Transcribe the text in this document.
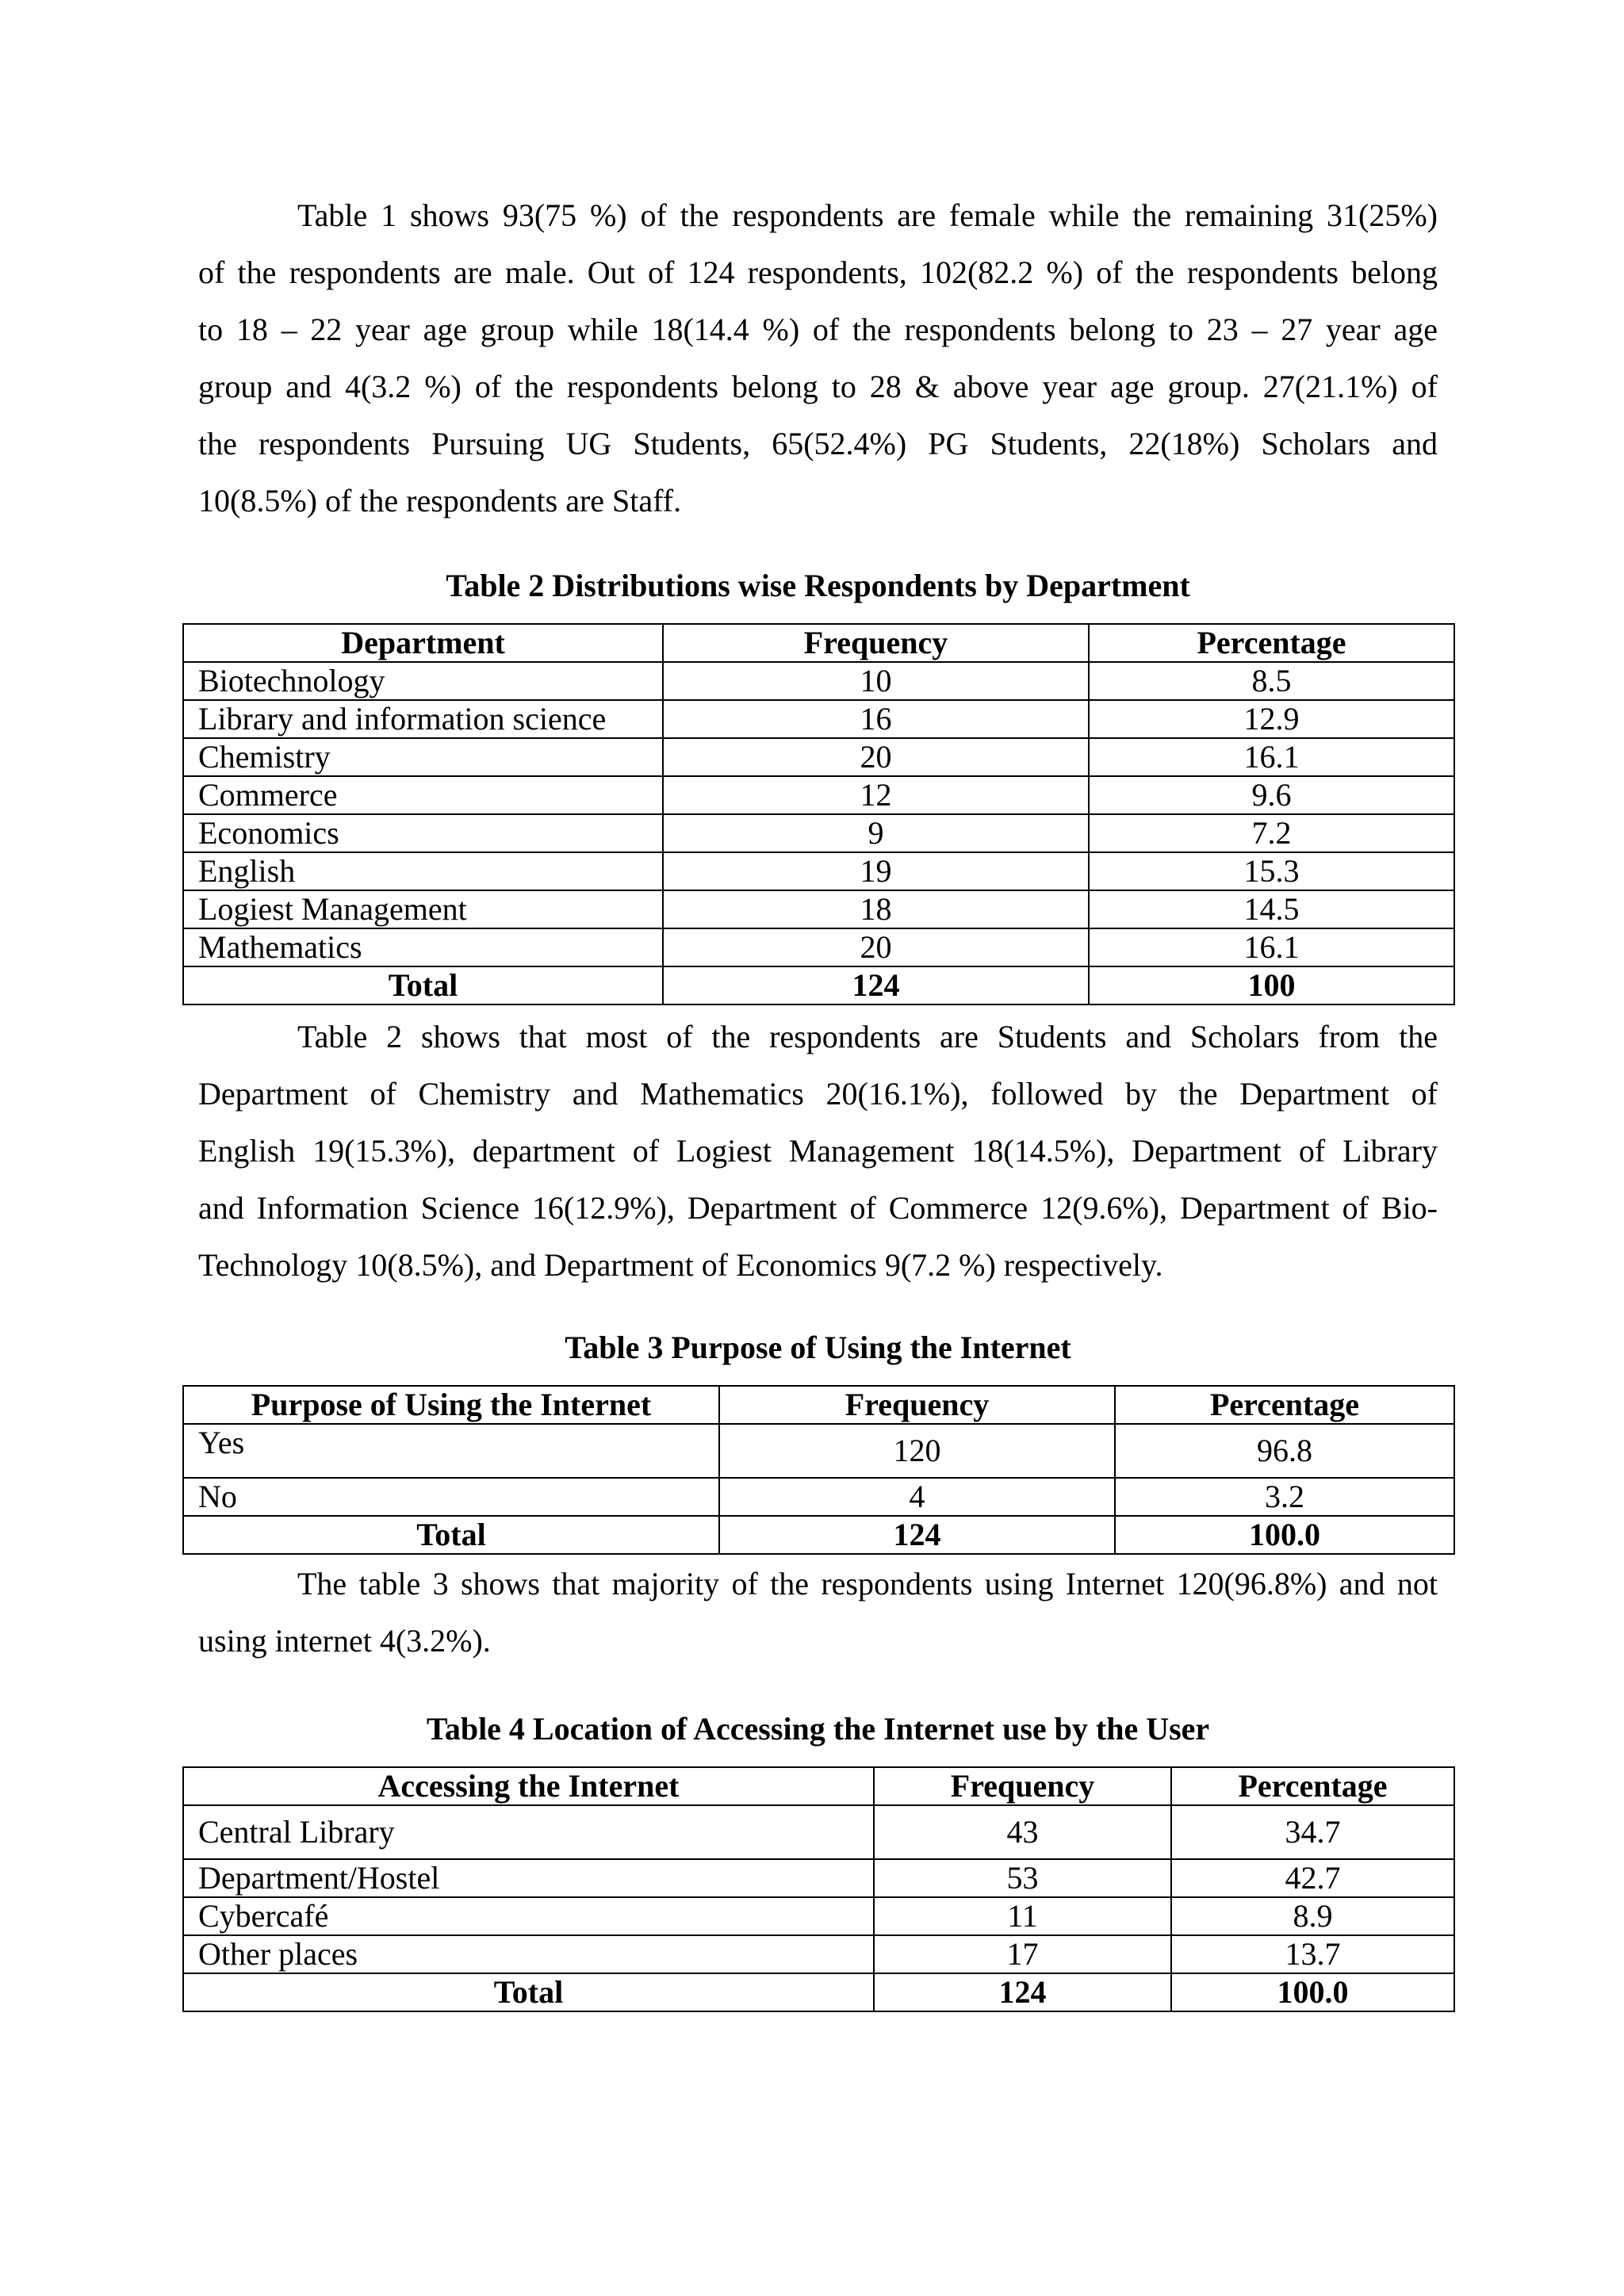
Table 1 shows 93(75 %) of the respondents are female while the remaining 31(25%)
of the respondents are male. Out of 124 respondents, 102(82.2 %) of the respondents belong
to 18 – 22 year age group while 18(14.4 %) of the respondents belong to 23 – 27 year age
group and 4(3.2 %) of the respondents belong to 28 & above year age group. 27(21.1%) of
the respondents Pursuing UG Students, 65(52.4%) PG Students, 22(18%) Scholars and
10(8.5%) of the respondents are Staff.
Table 2 Distributions wise Respondents by Department
Department	Frequency	Percentage
Biotechnology	10	8.5
Library and information science	16	12.9
Chemistry	20	16.1
Commerce	12	9.6
Economics	9	7.2
English	19	15.3
Logiest Management	18	14.5
Mathematics	20	16.1
Total	124	100
Table 2 shows that most of the respondents are Students and Scholars from the
Department of Chemistry and Mathematics 20(16.1%), followed by the Department of
English 19(15.3%), department of Logiest Management 18(14.5%), Department of Library
and Information Science 16(12.9%), Department of Commerce 12(9.6%), Department of Bio-
Technology 10(8.5%), and Department of Economics 9(7.2 %) respectively.
Table 3 Purpose of Using the Internet
Purpose of Using the Internet	Frequency	Percentage
Yes	120	96.8
No	4	3.2
Total	124	100.0
The table 3 shows that majority of the respondents using Internet 120(96.8%) and not
using internet 4(3.2%).
Table 4 Location of Accessing the Internet use by the User
Accessing the Internet	Frequency	Percentage
Central Library	43	34.7
Department/Hostel	53	42.7
Cybercafé	11	8.9
Other places	17	13.7
Total	124	100.0
